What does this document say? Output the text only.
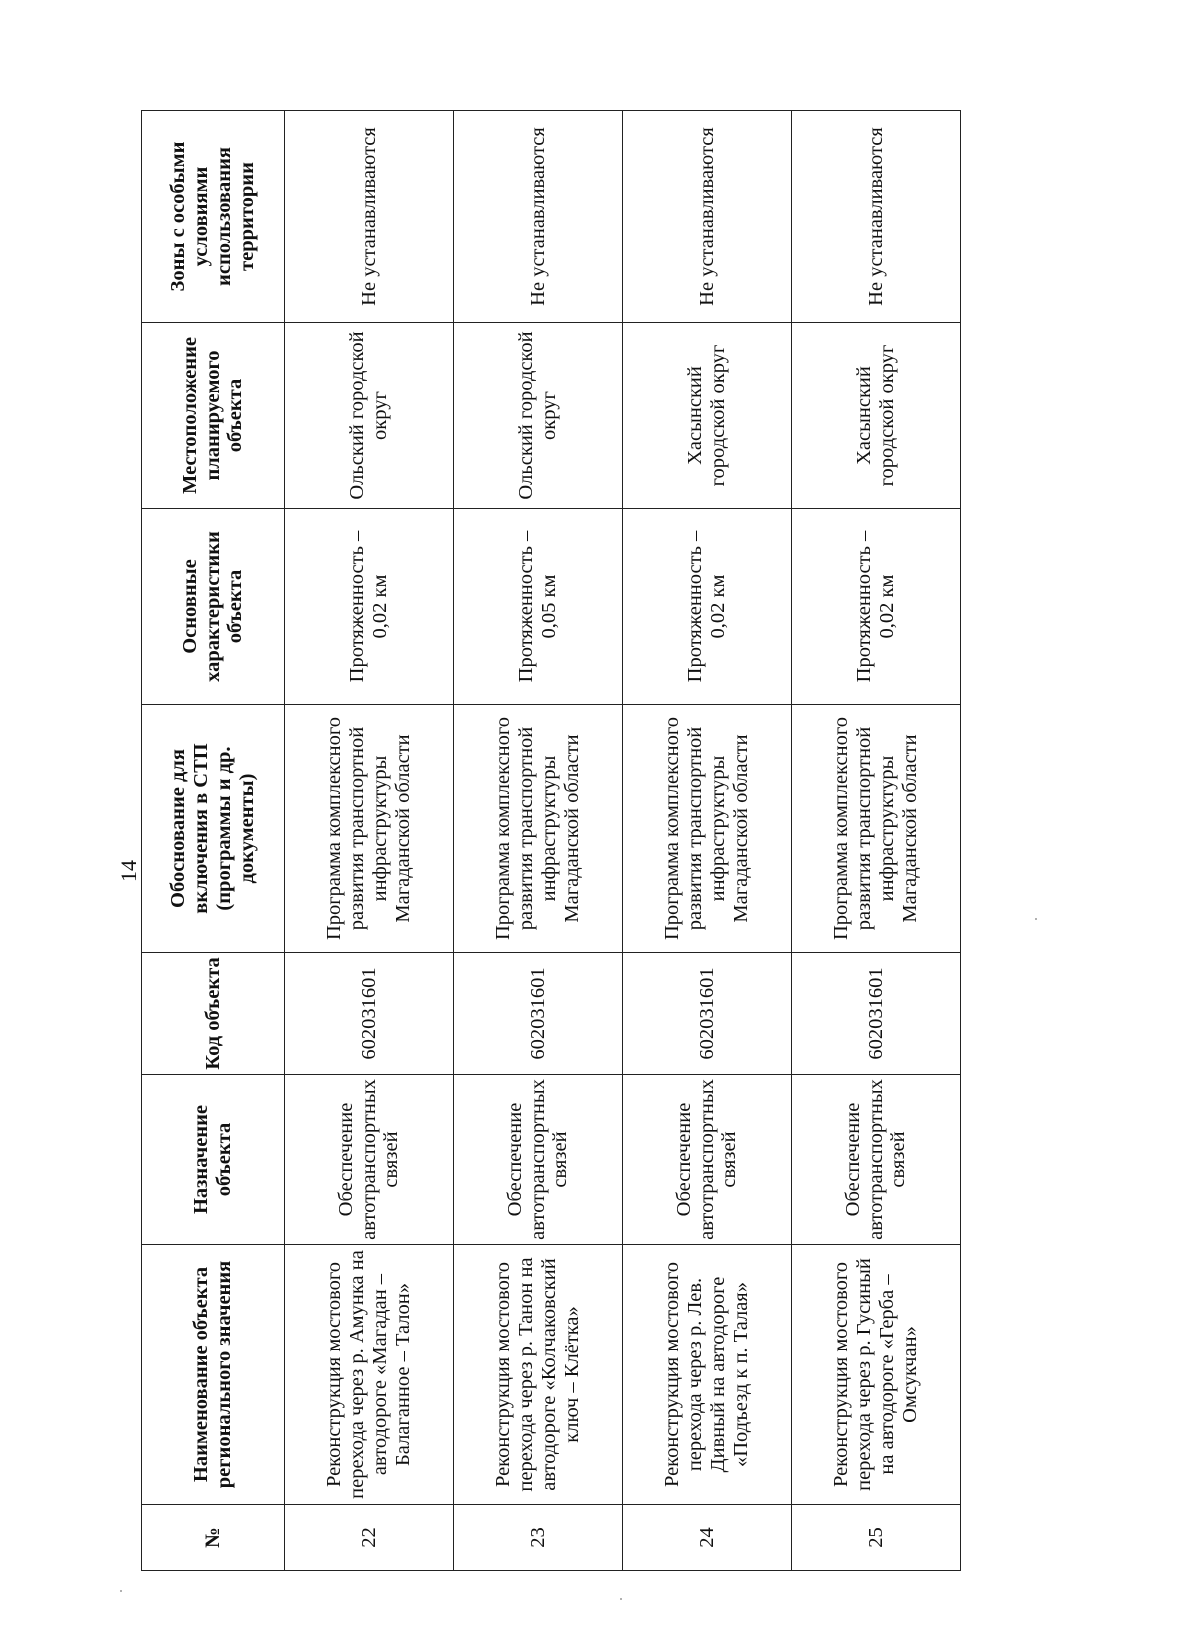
14
№	Наименование объекта регионального значения	Назначение объекта	Код объекта	Обоснование для включения в СТП (программы и др. документы)	Основные характеристики объекта	Местоположение планируемого объекта	Зоны с особыми условиями использования территории
22	Реконструкция мостового перехода через р. Амунка на автодороге «Магадан – Балаганное – Талон»	Обеспечение автотранспортных связей	602031601	Программа комплексного развития транспортной инфраструктуры Магаданской области	Протяженность – 0,02 км	Ольский городской округ	Не устанавливаются
23	Реконструкция мостового перехода через р. Танон на автодороге «Колчаковский ключ – Клётка»	Обеспечение автотранспортных связей	602031601	Программа комплексного развития транспортной инфраструктуры Магаданской области	Протяженность – 0,05 км	Ольский городской округ	Не устанавливаются
24	Реконструкция мостового перехода через р. Лев. Дивный на автодороге «Подъезд к п. Талая»	Обеспечение автотранспортных связей	602031601	Программа комплексного развития транспортной инфраструктуры Магаданской области	Протяженность – 0,02 км	Хасынский городской округ	Не устанавливаются
25	Реконструкция мостового перехода через р. Гусиный на автодороге «Герба – Омсукчан»	Обеспечение автотранспортных связей	602031601	Программа комплексного развития транспортной инфраструктуры Магаданской области	Протяженность – 0,02 км	Хасынский городской округ	Не устанавливаются
